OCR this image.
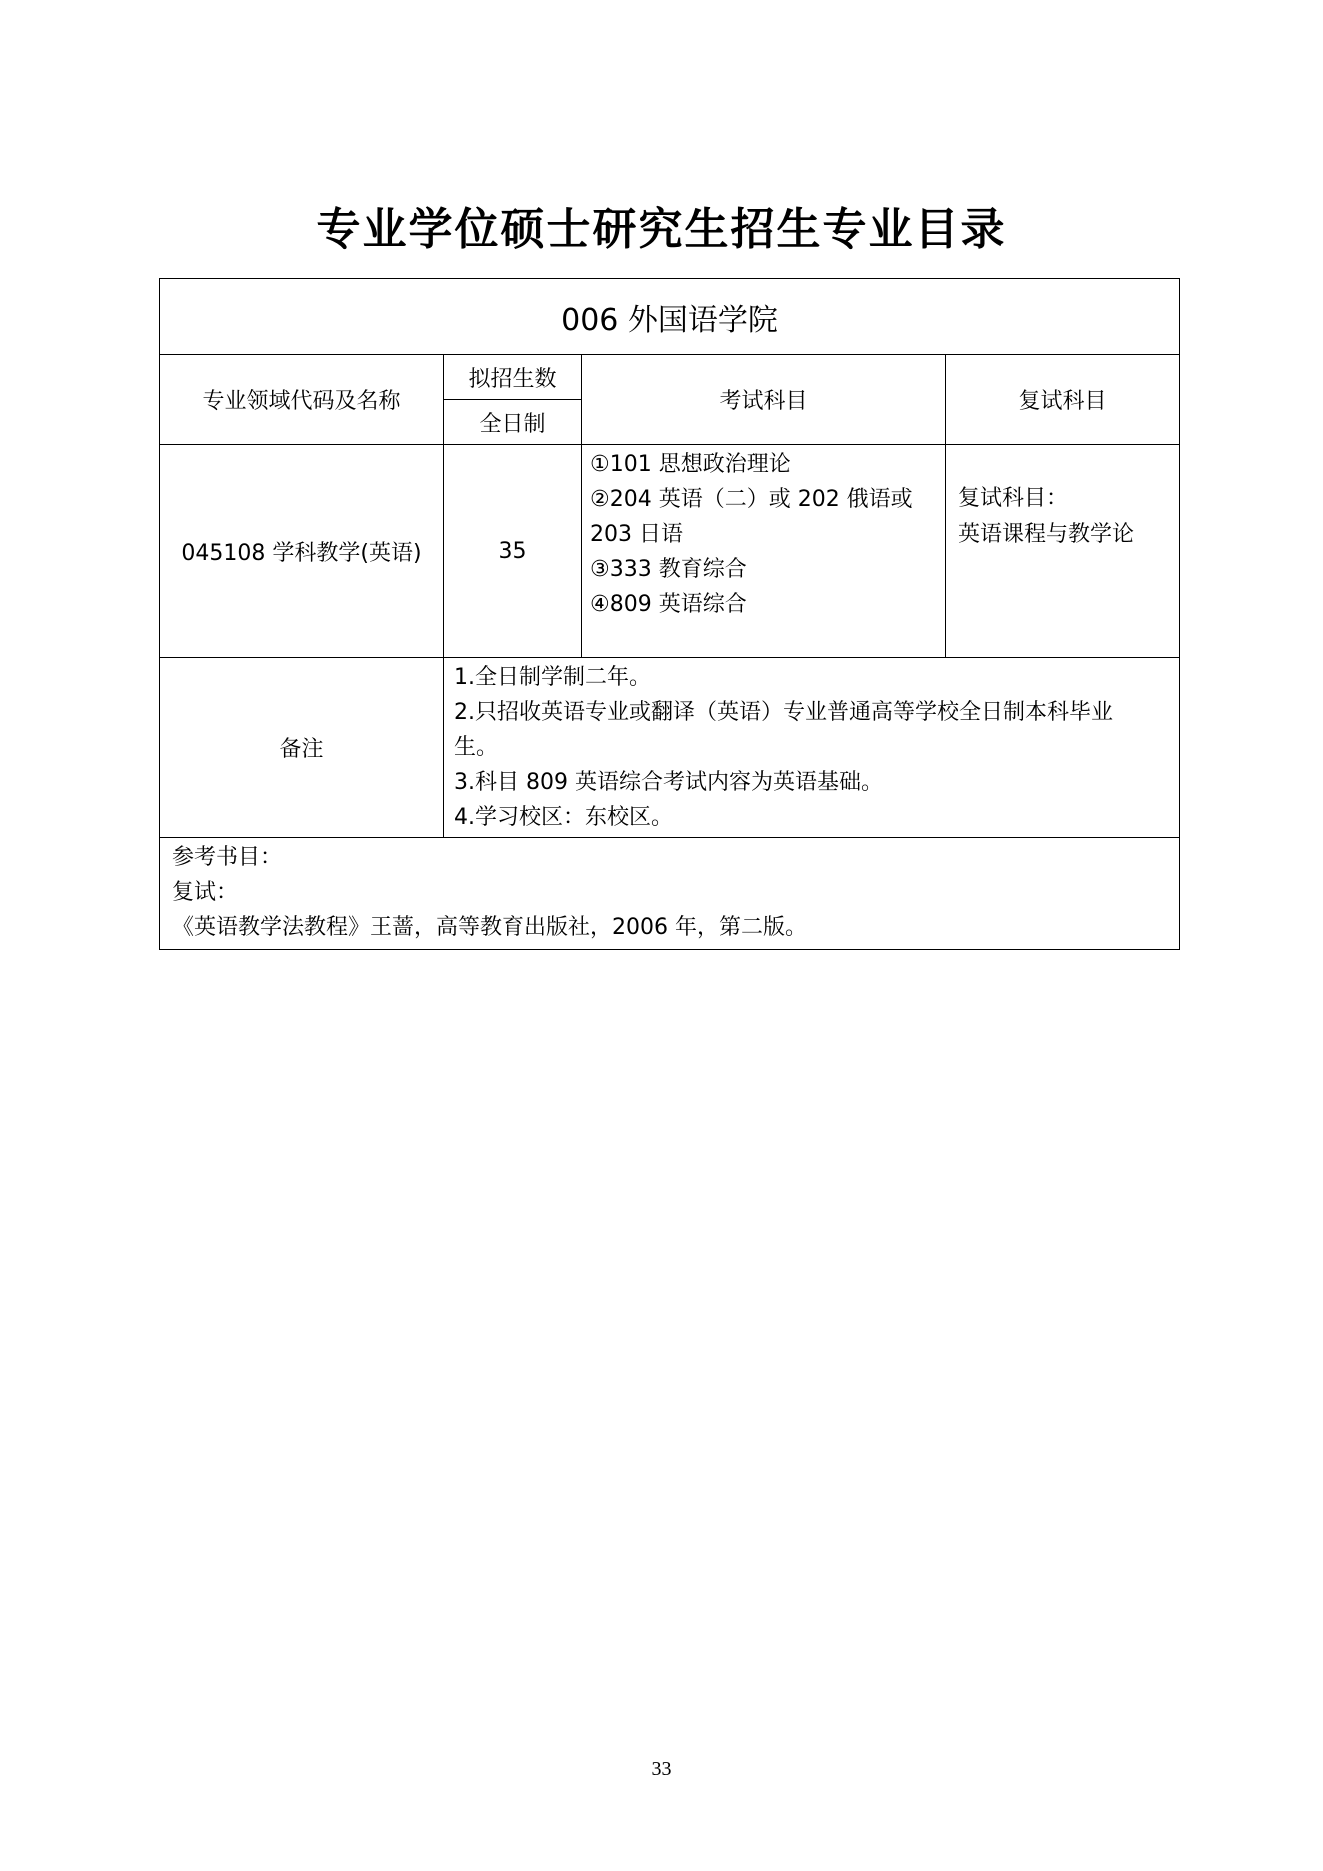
专业学位硕士研究生招生专业目录
006 外国语学院			
专业领域代码及名称	拟招生数	考试科目	复试科目
	全日制		
045108 学科教学(英语)	35	①101 思想政治理论
②204 英语（二）或 202 俄语或
203 日语
③333 教育综合
④809 英语综合	复试科目：
英语课程与教学论

备注	1.全日制学制二年。
2.只招收英语专业或翻译（英语）专业普通高等学校全日制本科毕业
生。
3.科目 809 英语综合考试内容为英语基础。
4.学习校区：东校区。		

参考书目：
复试：
《英语教学法教程》王蔷，高等教育出版社，2006 年，第二版。			
33
